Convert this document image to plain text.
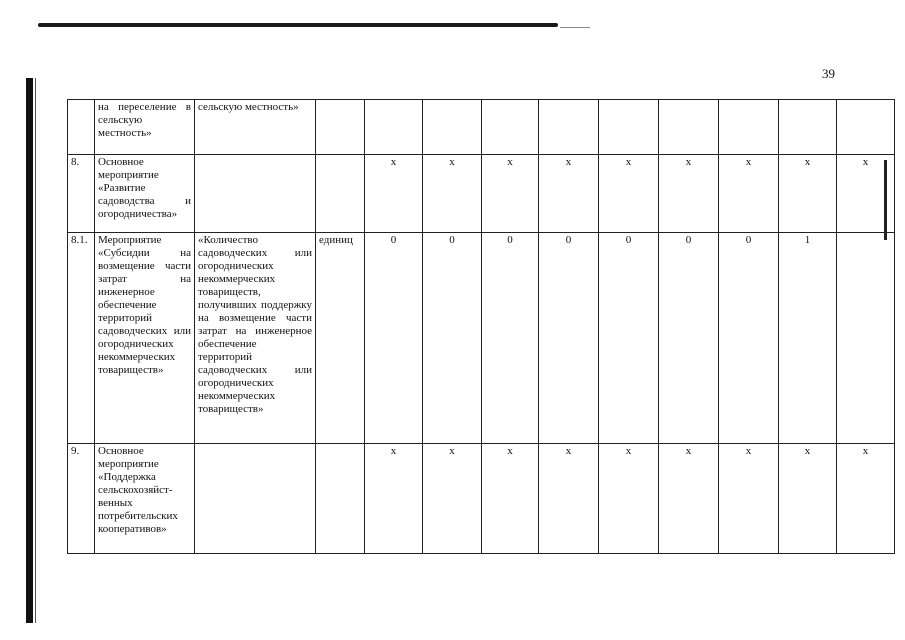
39
	на переселение в сельскую местность»	сельскую местность»										
8.	Основное мероприятие «Развитие садоводства и огородничества»			х	х	х	х	х	х	х	х	х
8.1.	Мероприятие «Субсидии на возмещение части затрат на инженерное обеспечение территорий садоводческих или огороднических некоммерческих товариществ»	«Количество садоводческих или огороднических некоммерческих товариществ, получивших поддержку на возмещение части затрат на инженерное обеспечение территорий садоводческих или огороднических некоммерческих товариществ»	единиц	0	0	0	0	0	0	0	1	
9.	Основное мероприятие «Поддержка сельскохозяйст-венных потребительских кооперативов»			х	х	х	х	х	х	х	х	х
